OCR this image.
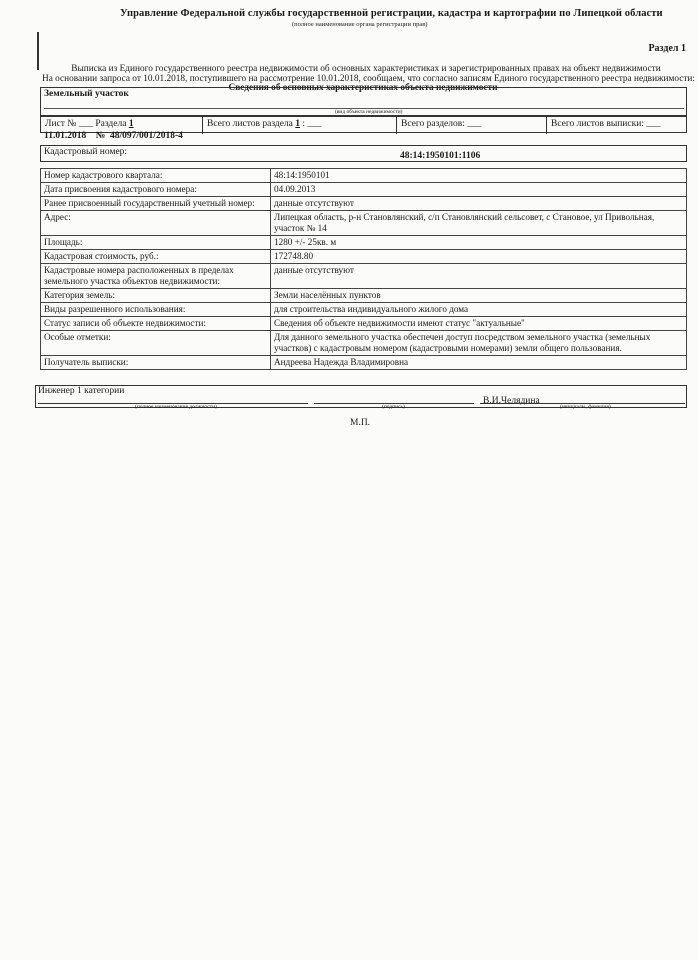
Управление Федеральной службы государственной регистрации, кадастра и картографии по Липецкой области
(полное наименование органа регистрации прав)
Раздел 1
Выписка из Единого государственного реестра недвижимости об основных характеристиках и зарегистрированных правах на объект недвижимости
На основании запроса от 10.01.2018, поступившего на рассмотрение 10.01.2018, сообщаем, что согласно записям Единого государственного реестра недвижимости:
Сведения об основных характеристиках объекта недвижимости
Земельный участок
(вид объекта недвижимости)
Лист № ___ Раздела 1	Всего листов раздела 1 : ___	Всего разделов: ___	Всего листов выписки: ___
11.01.2018 № 48/097/001/2018-4
Кадастровый номер:	48:14:1950101:1106
Номер кадастрового квартала:	48:14:1950101
Дата присвоения кадастрового номера:	04.09.2013
Ранее присвоенный государственный учетный номер:	данные отсутствуют
Адрес:	Липецкая область, р-н Становлянский, с/п Становлянский сельсовет, с Становое, ул Привольная, участок № 14
Площадь:	1280 +/- 25кв. м
Кадастровая стоимость, руб.:	172748.80
Кадастровые номера расположенных в пределах земельного участка объектов недвижимости:	данные отсутствуют
Категория земель:	Земли населённых пунктов
Виды разрешенного использования:	для строительства индивидуального жилого дома
Статус записи об объекте недвижимости:	Сведения об объекте недвижимости имеют статус "актуальные"
Особые отметки:	Для данного земельного участка обеспечен доступ посредством земельного участка (земельных участков) с кадастровым номером (кадастровыми номерами) земли общего пользования.
Получатель выписки:	Андреева Надежда Владимировна
Инженер 1 категории
В.И.Челядина
(полное наименование должности)	(подпись)	(инициалы, фамилия)
М.П.
